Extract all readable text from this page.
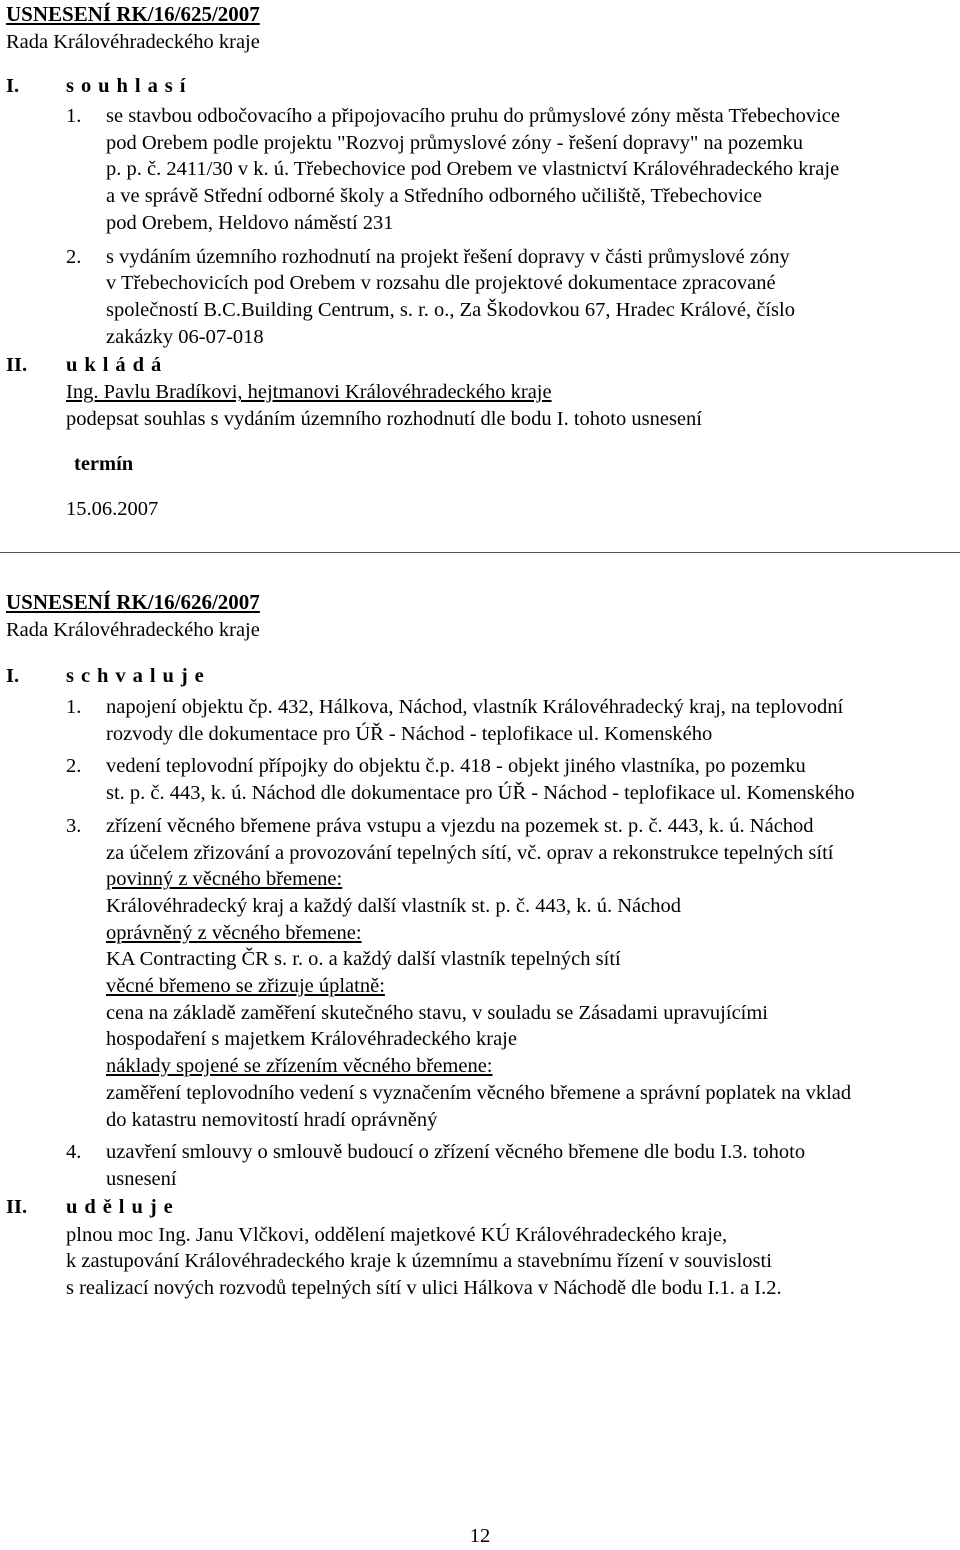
USNESENÍ RK/16/625/2007
Rada Královéhradeckého kraje
I.	souhlasí
1.	se stavbou odbočovacího a připojovacího pruhu do průmyslové zóny města Třebechovice
pod Orebem podle projektu "Rozvoj průmyslové zóny - řešení dopravy" na pozemku
p. p. č. 2411/30 v k. ú. Třebechovice pod Orebem ve vlastnictví Královéhradeckého kraje
a ve správě Střední odborné školy a Středního odborného učiliště, Třebechovice
pod Orebem, Heldovo náměstí 231
2.	s vydáním územního rozhodnutí na projekt řešení dopravy v části průmyslové zóny
v Třebechovicích pod Orebem v rozsahu dle projektové dokumentace zpracované
společností B.C.Building Centrum, s. r. o., Za Škodovkou 67, Hradec Králové, číslo
zakázky 06-07-018
II.	ukládá
Ing. Pavlu Bradíkovi, hejtmanovi Královéhradeckého kraje
podepsat souhlas s vydáním územního rozhodnutí dle bodu I. tohoto usnesení
termín
15.06.2007
USNESENÍ RK/16/626/2007
Rada Královéhradeckého kraje
I.	schvaluje
1.	napojení objektu čp. 432, Hálkova, Náchod, vlastník Královéhradecký kraj, na teplovodní
rozvody dle dokumentace pro ÚŘ - Náchod - teplofikace ul. Komenského
2.	vedení teplovodní přípojky do objektu č.p. 418 - objekt jiného vlastníka, po pozemku
st. p. č. 443, k. ú. Náchod dle dokumentace pro ÚŘ - Náchod - teplofikace ul. Komenského
3.	zřízení věcného břemene práva vstupu a vjezdu na pozemek st. p. č. 443, k. ú. Náchod
za účelem zřizování a provozování tepelných sítí, vč. oprav a rekonstrukce tepelných sítí
povinný z věcného břemene:
Královéhradecký kraj a každý další vlastník st. p. č. 443, k. ú. Náchod
oprávněný z věcného břemene:
KA Contracting ČR s. r. o. a každý další vlastník tepelných sítí
věcné břemeno se zřizuje úplatně:
cena na základě zaměření skutečného stavu, v souladu se Zásadami upravujícími
hospodaření s majetkem Královéhradeckého kraje
náklady spojené se zřízením věcného břemene:
zaměření teplovodního vedení s vyznačením věcného břemene a správní poplatek na vklad
do katastru nemovitostí hradí oprávněný
4.	uzavření smlouvy o smlouvě budoucí o zřízení věcného břemene dle bodu I.3. tohoto
usnesení
II.	uděluje
plnou moc Ing. Janu Vlčkovi, oddělení majetkové KÚ Královéhradeckého kraje,
k zastupování Královéhradeckého kraje k územnímu a stavebnímu řízení v souvislosti
s realizací nových rozvodů tepelných sítí v ulici Hálkova v Náchodě dle bodu I.1. a I.2.
12
